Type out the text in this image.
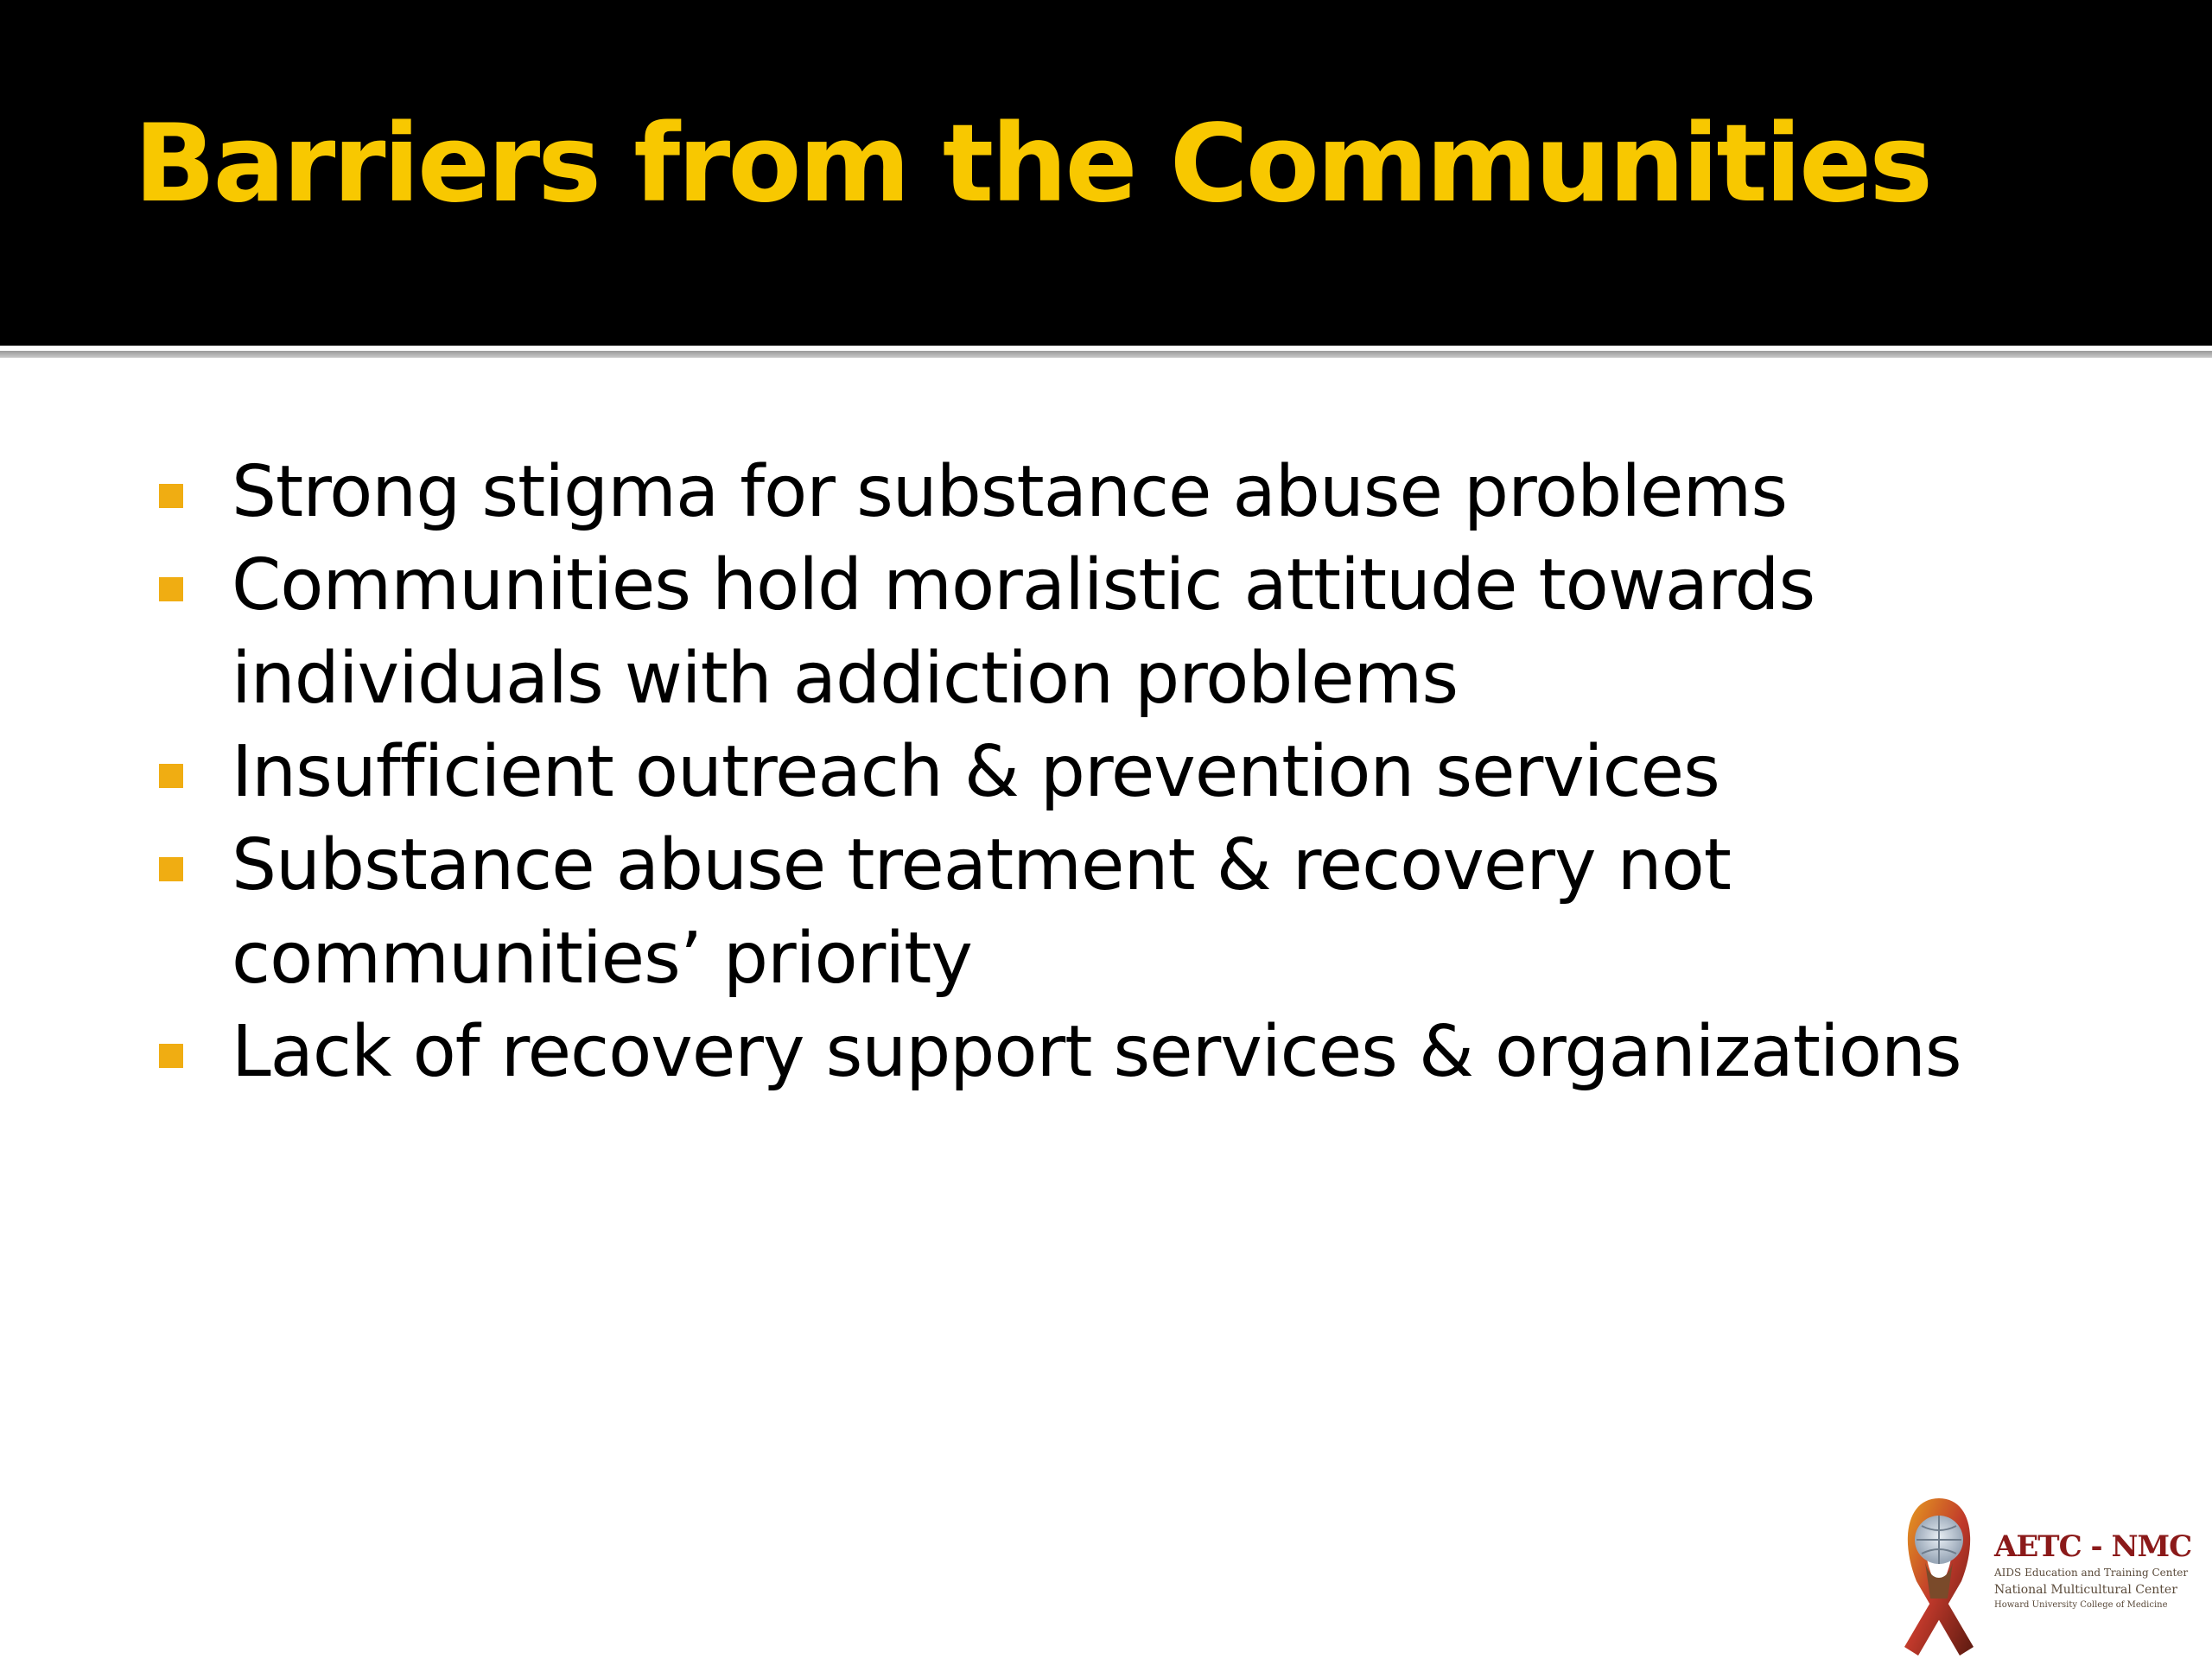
Barriers from the Communities
Strong stigma for substance abuse problems
Communities hold moralistic attitude towards individuals with addiction problems
Insufficient outreach & prevention services
Substance abuse treatment & recovery not communities’ priority
Lack of recovery support services & organizations
AETC - NMC
AIDS Education and Training Center
National Multicultural Center
Howard University College of Medicine
